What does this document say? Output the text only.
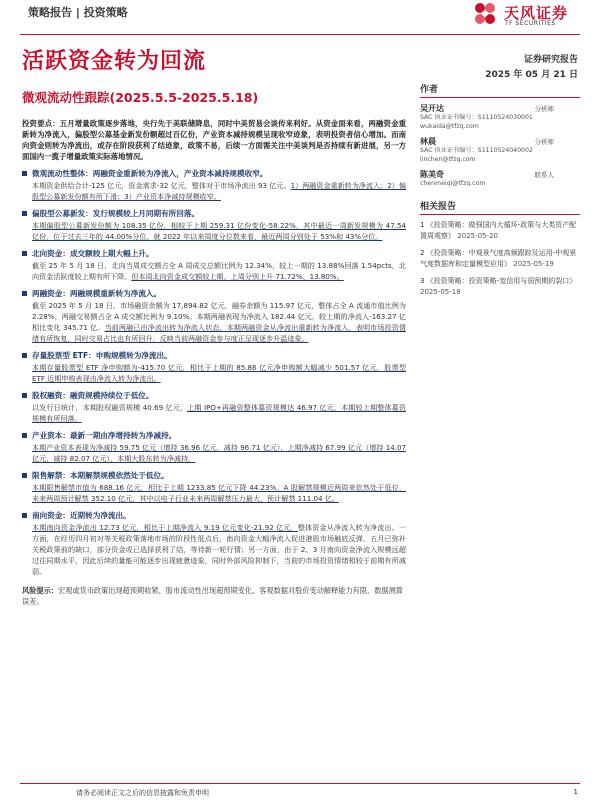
策略报告 | 投资策略	天风证券
TF SECURITIES
活跃资金转为回流
微观流动性跟踪(2025.5.5-2025.5.18)
证券研究报告
2025 年 05 月 21 日

投资要点：五月增量政策逐步落地，央行先于美联储降息，同时中美贸易会谈传来利好。从资金面来看，两融资金重新转为净流入，偏股型公募基金新发份额超过百亿份，产业资本减持规模呈现收窄迹象，表明投资者信心增加。而南向资金则转为净流出，或存在阶段获利了结迹象，政策不易，后续一方面需关注中美谈判是否持续有新进展，另一方面国内一揽子增量政策实际落地情况。

微观流动性整体：两融资金重新转为净流入，产业资本减持规模收窄。
本期资金供给合计-125 亿元，资金需求-32 亿元，整体对于市场净流出 93 亿元。1）两融资金重新转为净流入；2）偏股型公募新发份额有所下滑；3）产业资本净减持规模收窄。
偏股型公募新发：发行规模较上月同期有所回落。
本期偏股型公募新发份额为 108.35 亿份，相较于上期 259.31 亿份变化-58.22%，其中最近一周新发规模为 47.54 亿份，位于过去三年的 44.00%分位。就 2022 年以来周度分位数来看，最近两周分别处于 53%和 43%分位。
北向资金：成交额较上期大幅上升。
截至 25 年 5 月 18 日，北向当周成交额占全 A 周成交总额比例为 12.34%，较上一期的 13.88%回落 1.54pcts，北向资金活跃度较上期有所下降。但本周北向资金成交额较上期、上周分别上升 71.72%、13.80%。
两融资金：两融规模重新转为净流入。
截至 2025 年 5 月 18 日，市场融资余额为 17,894.82 亿元，融券余额为 115.97 亿元，整体占全 A 流通市值比例为 2.28%，两融交易额占全 A 成交额比例为 9.10%。本期两融表现为净流入 182.44 亿元，较上期的净流入-163.27 亿相比变化 345.71 亿。当前两融已由净流出转为净流入状态，本期两融资金从净流出重新转为净流入，表明市场投资情绪有所恢复，同时交易占比也有所回升，反映当前两融资金参与度正呈现逐步升温迹象。
存量股票型 ETF：申购规模转为净流出。
本期存量股票型 ETF 净申购额为-415.70 亿元，相比于上期的 85.86 亿元净申购额大幅减少 501.57 亿元，股票型 ETF 近期申购表现由净流入转为净流出。
股权融资：融资规模持续位于低位。
以发行日统计，本期股权融资规模 40.69 亿元，上期 IPO+再融资整体募资规模达 46.97 亿元，本期较上期整体募资规模有所回落。
产业资本：最新一期由净增持转为净减持。
本期产业资本表现为净减持 59.75 亿元（增持 36.96 亿元，减持 96.71 亿元），上期净减持 67.99 亿元（增持 14.07 亿元，减持 82.07 亿元），本期大股东转为净减持。
限售解禁：本期解禁规模依然处于低位。
本期限售解禁市值为 688.16 亿元，相比于上期 1233.85 亿元下降 44.23%。A 股解禁规模近两周来依然处于低位，未来两周预计解禁 352.10 亿元，其中以电子行业未来两周解禁压力最大，预计解禁 111.04 亿。
南向资金：近期转为净流出。
本期南向资金净流出 12.73 亿元，相比于上期净流入 9.19 亿元变化-21.92 亿元，整体资金从净流入转为净流出。一方面，在经历四月初对等关税政策落地市场的阶段性低点后，南向资金大幅净流入促进港股市场触底反弹，五月已弥补关税政策前的缺口，部分资金或已选择获利了结，等待新一轮行情；另一方面，由于 2、3 月南向资金净流入规模远超过往同期水平，因此后续的量能可能逐步出现疲惫迹象，同时外部风险抑制下，当前的市场投资情绪相较于前期有所减弱。

风险提示：宏观或货币政策出现超预期收紧，股市流动性出现超预期变化，客观数据对股价变动解释能力有限，数据测算误差。

作者
吴开达	分析师
SAC 执业证书编号：S1110524030001
wukaida@tfzq.com
林晨	分析师
SAC 执业证书编号：S1110524040002
linchen@tfzq.com
陈美奇	联系人
chenmeiqi@tfzq.com
相关报告
1 《投资策略：做强国内大循环-政策与大类资产配置周观察》 2025-05-20
2 《投资策略：中观景气度高频跟踪及运用-中观景气度数据库和定量模型应用》 2025-05-19
3 《投资策略：投资策略-宽信用与弱预期的裂口》 2025-05-18
请务必阅读正文之后的信息披露和免责申明	1
